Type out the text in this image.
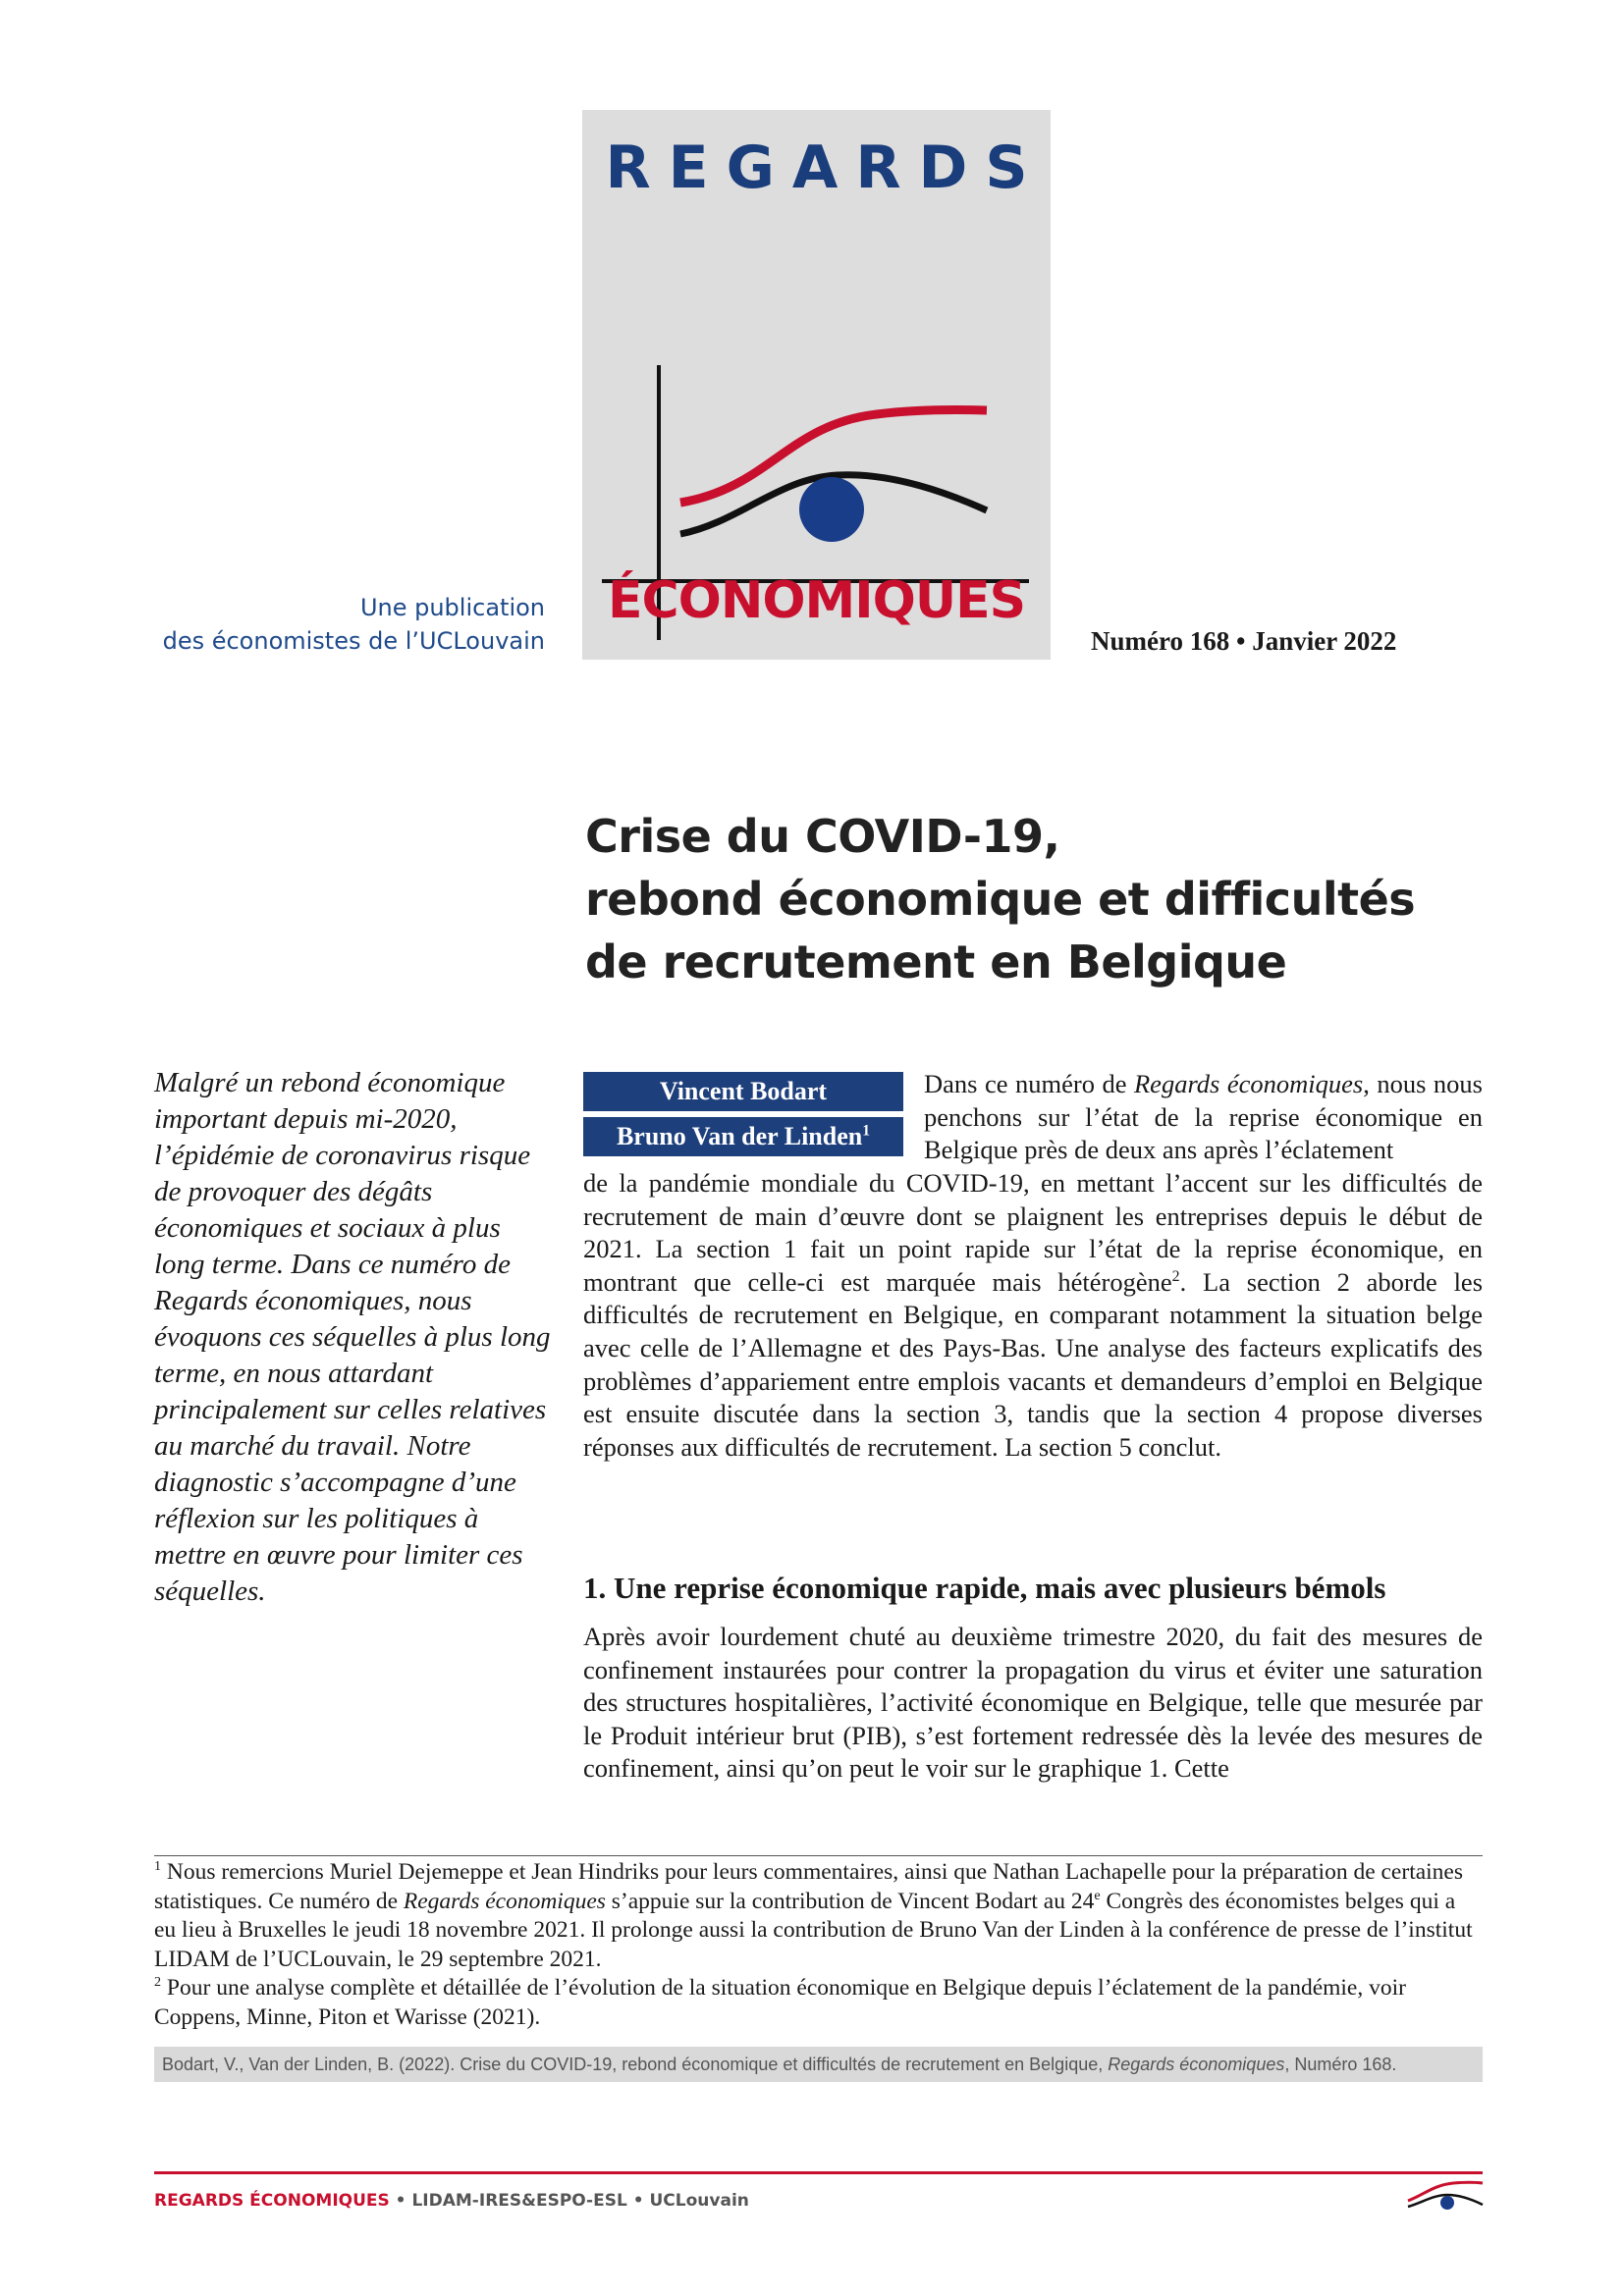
REGARDS
ÉCONOMIQUES
Une publication
des économistes de l’UCLouvain	Numéro 168 • Janvier 2022
Crise du COVID-19,
rebond économique et difficultés
de recrutement en Belgique
Malgré un rebond économique important depuis mi-2020, l’épidémie de coronavirus risque de provoquer des dégâts économiques et sociaux à plus long terme. Dans ce numéro de Regards économiques, nous évoquons ces séquelles à plus long terme, en nous attardant principalement sur celles relatives au marché du travail. Notre diagnostic s’accompagne d’une réflexion sur les politiques à mettre en œuvre pour limiter ces séquelles.
Vincent Bodart
Bruno Van der Linden$^1$
Dans ce numéro de Regards économiques, nous nous penchons sur l’état de la reprise économique en Belgique près de deux ans après l’éclatement
de la pandémie mondiale du COVID-19, en mettant l’accent sur les difficultés de recrutement de main d’œuvre dont se plaignent les entreprises depuis le début de 2021. La section 1 fait un point rapide sur l’état de la reprise économique, en montrant que celle-ci est marquée mais hétérogène$^2$. La section 2 aborde les difficultés de recrutement en Belgique, en comparant notamment la situation belge avec celle de l’Allemagne et des Pays-Bas. Une analyse des facteurs explicatifs des problèmes d’appariement entre emplois vacants et demandeurs d’emploi en Belgique est ensuite discutée dans la section 3, tandis que la section 4 propose diverses réponses aux difficultés de recrutement. La section 5 conclut.
1. Une reprise économique rapide, mais avec plusieurs bémols
Après avoir lourdement chuté au deuxième trimestre 2020, du fait des mesures de confinement instaurées pour contrer la propagation du virus et éviter une saturation des structures hospitalières, l’activité économique en Belgique, telle que mesurée par le Produit intérieur brut (PIB), s’est fortement redressée dès la levée des mesures de confinement, ainsi qu’on peut le voir sur le graphique 1. Cette
$^1$ Nous remercions Muriel Dejemeppe et Jean Hindriks pour leurs commentaires, ainsi que Nathan Lachapelle pour la préparation de certaines statistiques. Ce numéro de Regards économiques s’appuie sur la contribution de Vincent Bodart au 24e Congrès des économistes belges qui a eu lieu à Bruxelles le jeudi 18 novembre 2021. Il prolonge aussi la contribution de Bruno Van der Linden à la conférence de presse de l’institut LIDAM de l’UCLouvain, le 29 septembre 2021.
$^2$ Pour une analyse complète et détaillée de l’évolution de la situation économique en Belgique depuis l’éclatement de la pandémie, voir Coppens, Minne, Piton et Warisse (2021).
Bodart, V., Van der Linden, B. (2022). Crise du COVID-19, rebond économique et difficultés de recrutement en Belgique, Regards économiques, Numéro 168.
REGARDS ÉCONOMIQUES • LIDAM-IRES&ESPO-ESL • UCLouvain
